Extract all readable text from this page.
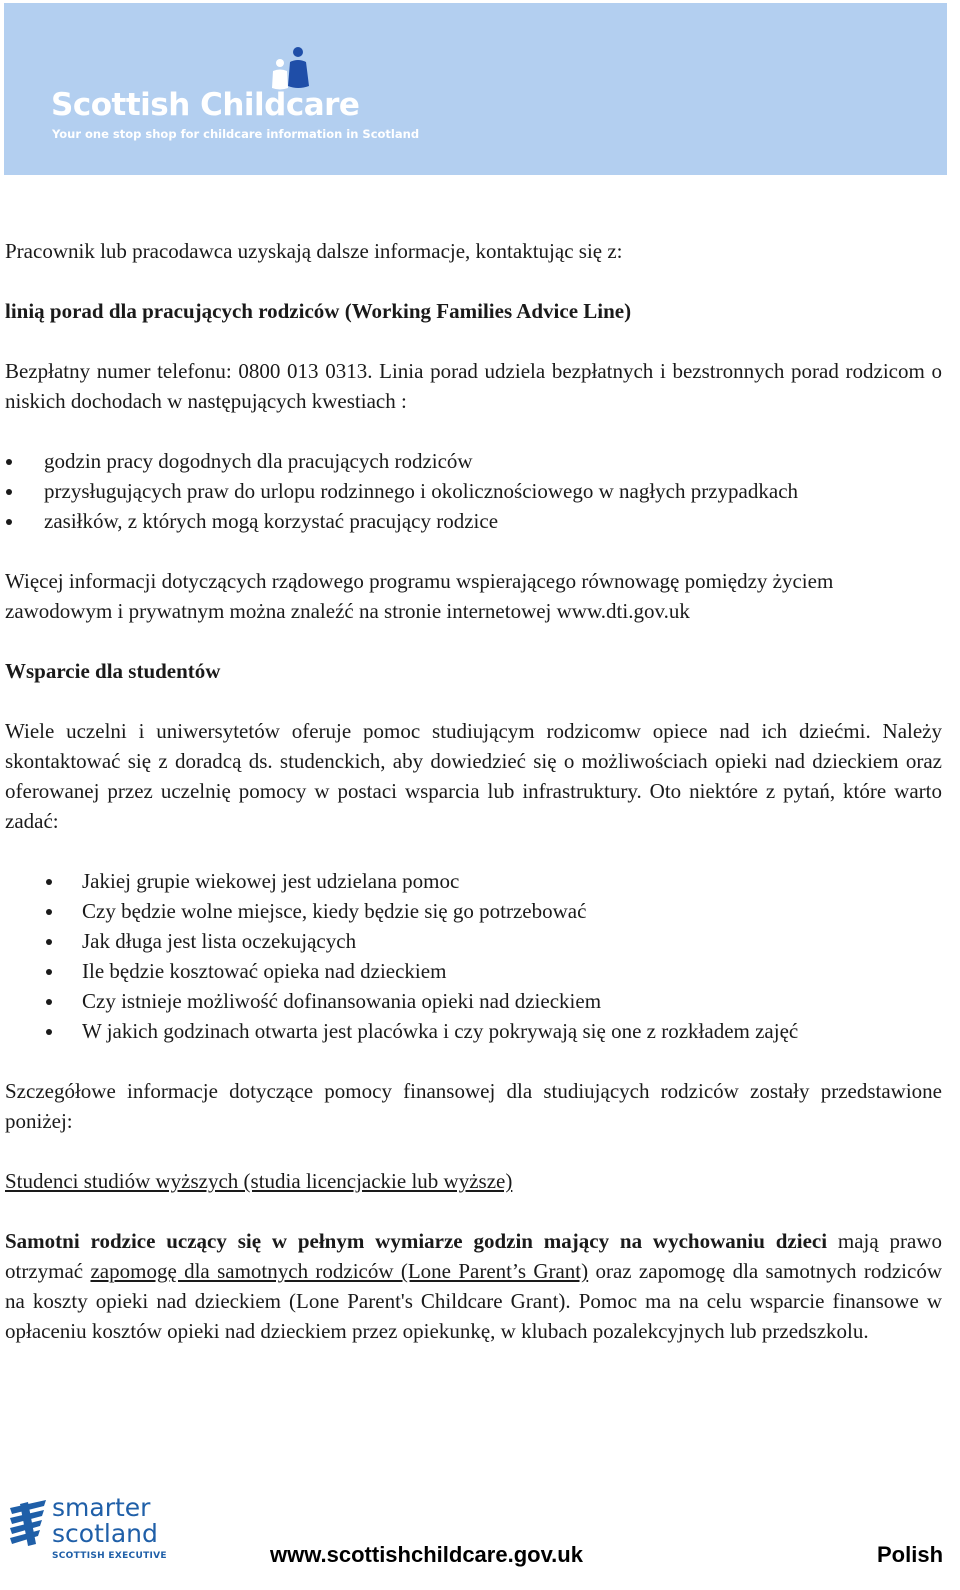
Scottish Childcare
Your one stop shop for childcare information in Scotland

Pracownik lub pracodawca uzyskają dalsze informacje, kontaktując się z:

linią porad dla pracujących rodziców (Working Families Advice Line)

Bezpłatny numer telefonu: 0800 013 0313. Linia porad udziela bezpłatnych i bezstronnych porad rodzicom o niskich dochodach w następujących kwestiach :

godzin pracy dogodnych dla pracujących rodziców
przysługujących praw do urlopu rodzinnego i okolicznościowego w nagłych przypadkach
zasiłków, z których mogą korzystać pracujący rodzice

Więcej informacji dotyczących rządowego programu wspierającego równowagę pomiędzy życiem zawodowym i prywatnym można znaleźć na stronie internetowej www.dti.gov.uk

Wsparcie dla studentów

Wiele uczelni i uniwersytetów oferuje pomoc studiującym rodzicomw opiece nad ich dziećmi. Należy skontaktować się z doradcą ds. studenckich, aby dowiedzieć się o możliwościach opieki nad dzieckiem oraz oferowanej przez uczelnię pomocy w postaci wsparcia lub infrastruktury. Oto niektóre z pytań, które warto zadać:

Jakiej grupie wiekowej jest udzielana pomoc
Czy będzie wolne miejsce, kiedy będzie się go potrzebować
Jak długa jest lista oczekujących
Ile będzie kosztować opieka nad dzieckiem
Czy istnieje możliwość dofinansowania opieki nad dzieckiem
W jakich godzinach otwarta jest placówka i czy pokrywają się one z rozkładem zajęć

Szczegółowe informacje dotyczące pomocy finansowej dla studiujących rodziców zostały przedstawione poniżej:

Studenci studiów wyższych (studia licencjackie lub wyższe)

Samotni rodzice uczący się w pełnym wymiarze godzin mający na wychowaniu dzieci mają prawo otrzymać zapomogę dla samotnych rodziców (Lone Parent’s Grant) oraz zapomogę dla samotnych rodziców na koszty opieki nad dzieckiem (Lone Parent's Childcare Grant). Pomoc ma na celu wsparcie finansowe w opłaceniu kosztów opieki nad dzieckiem przez opiekunkę, w klubach pozalekcyjnych lub przedszkolu.

smarter
scotland
SCOTTISH EXECUTIVE	www.scottishchildcare.gov.uk	Polish
